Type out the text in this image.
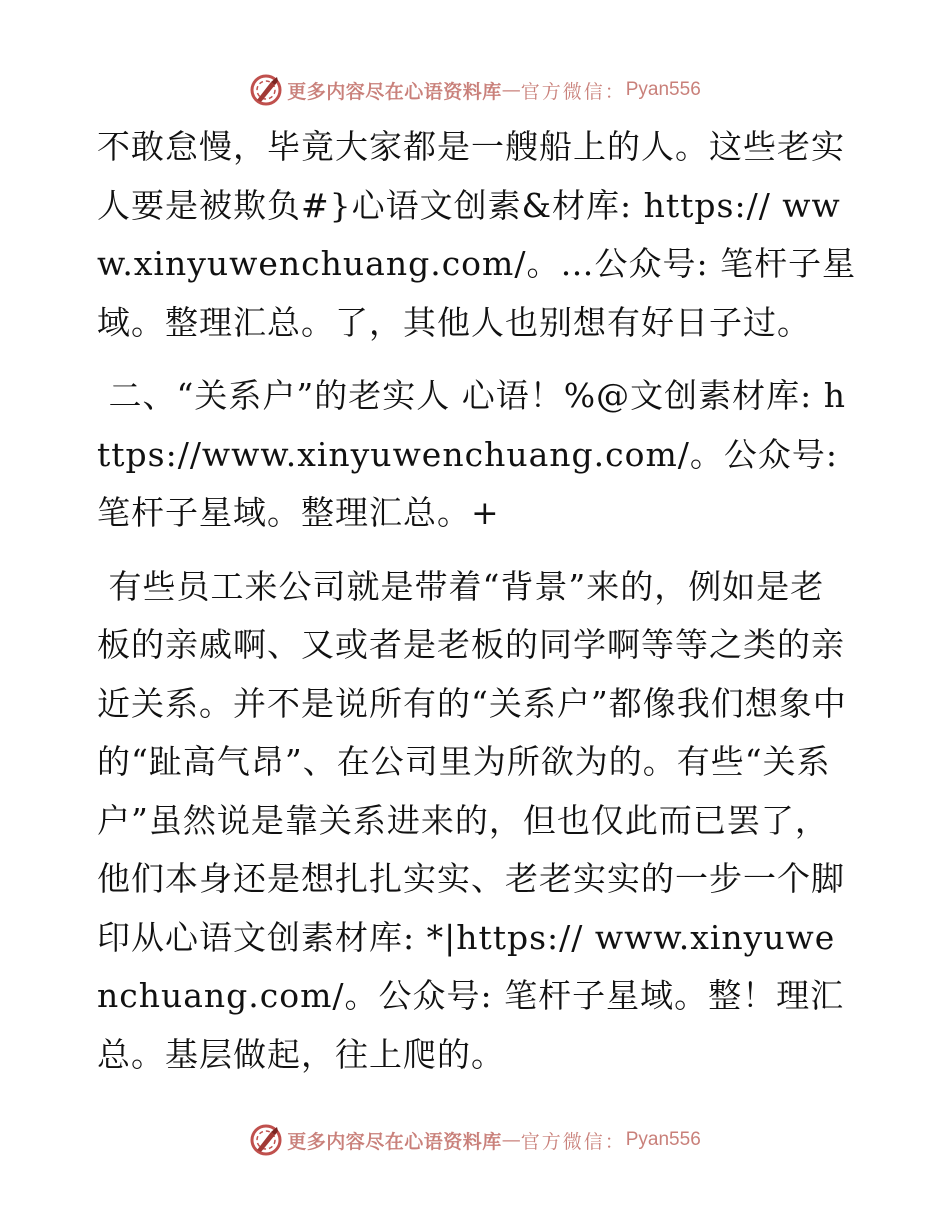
更多内容尽在心语资料库 — 官方微信： Pyan556

不敢怠慢，毕竟大家都是一艘船上的人。这些老实人要是被欺负#}心语文创素&材库: https:// www.xinyuwenchuang.com/。…公众号: 笔杆子星域。整理汇总。了，其他人也别想有好日子过。

二、“关系户”的老实人 心语！%@文创素材库: https://www.xinyuwenchuang.com/。公众号: 笔杆子星域。整理汇总。+

有些员工来公司就是带着“背景”来的，例如是老板的亲戚啊、又或者是老板的同学啊等等之类的亲近关系。并不是说所有的“关系户”都像我们想象中的“趾高气昂”、在公司里为所欲为的。有些“关系户”虽然说是靠关系进来的，但也仅此而已罢了，他们本身还是想扎扎实实、老老实实的一步一个脚印从心语文创素材库: *|https:// www.xinyuwenchuang.com/。公众号: 笔杆子星域。整！理汇总。基层做起，往上爬的。

更多内容尽在心语资料库 — 官方微信： Pyan556
